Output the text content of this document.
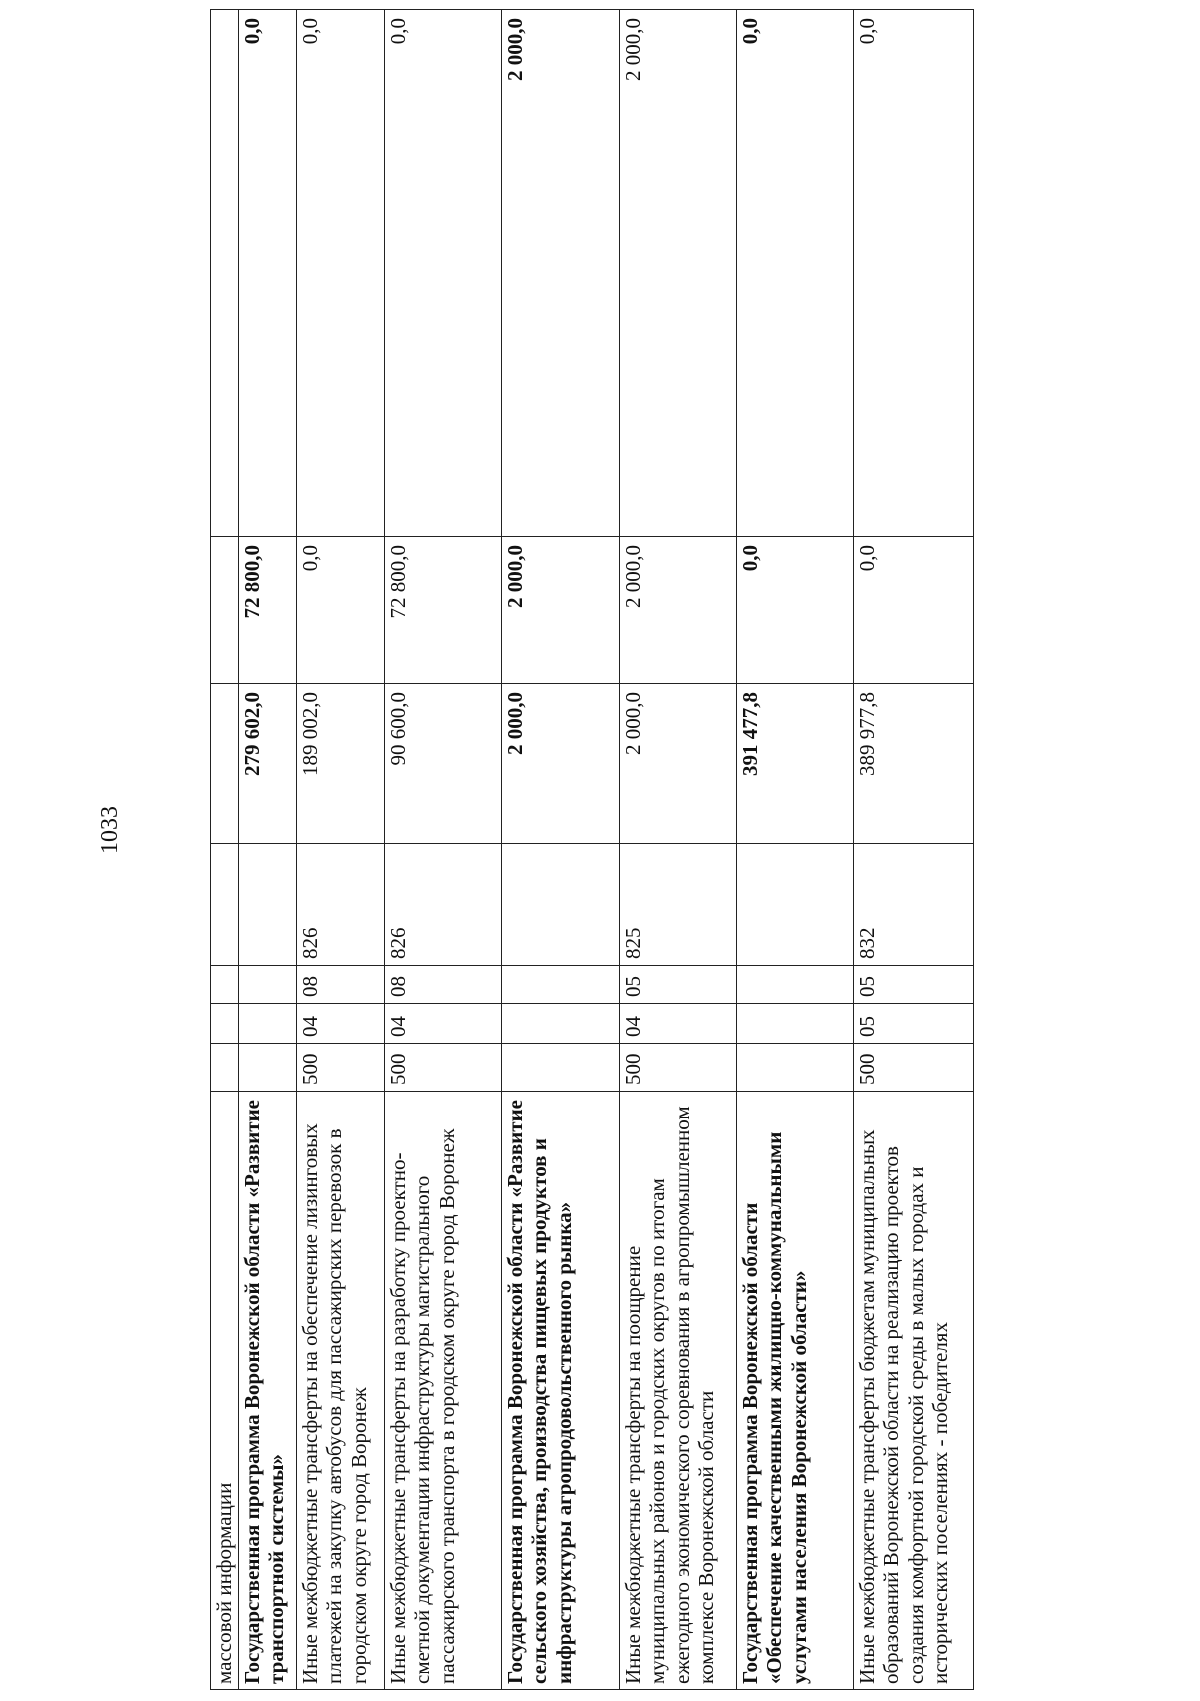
1033
массовой информации							
Государственная программа Воронежской области «Развитие транспортной системы»					279 602,0	72 800,0	0,0
Иные межбюджетные трансферты на обеспечение лизинговых платежей на закупку автобусов для пассажирских перевозок в городском округе город Воронеж	500	04	08	826	189 002,0	0,0	0,0
Иные межбюджетные трансферты на разработку проектно-сметной документации инфраструктуры магистрального пассажирского транспорта в городском округе город Воронеж	500	04	08	826	90 600,0	72 800,0	0,0
Государственная программа Воронежской области «Развитие сельского хозяйства, производства пищевых продуктов и инфраструктуры агропродовольственного рынка»					2 000,0	2 000,0	2 000,0
Иные межбюджетные трансферты на поощрение муниципальных районов и городских округов по итогам ежегодного экономического соревнования в агропромышленном комплексе Воронежской области	500	04	05	825	2 000,0	2 000,0	2 000,0
Государственная программа Воронежской области «Обеспечение качественными жилищно-коммунальными услугами населения Воронежской области»					391 477,8	0,0	0,0
Иные межбюджетные трансферты бюджетам муниципальных образований Воронежской области на реализацию проектов создания комфортной городской среды в малых городах и исторических поселениях - победителях	500	05	05	832	389 977,8	0,0	0,0
